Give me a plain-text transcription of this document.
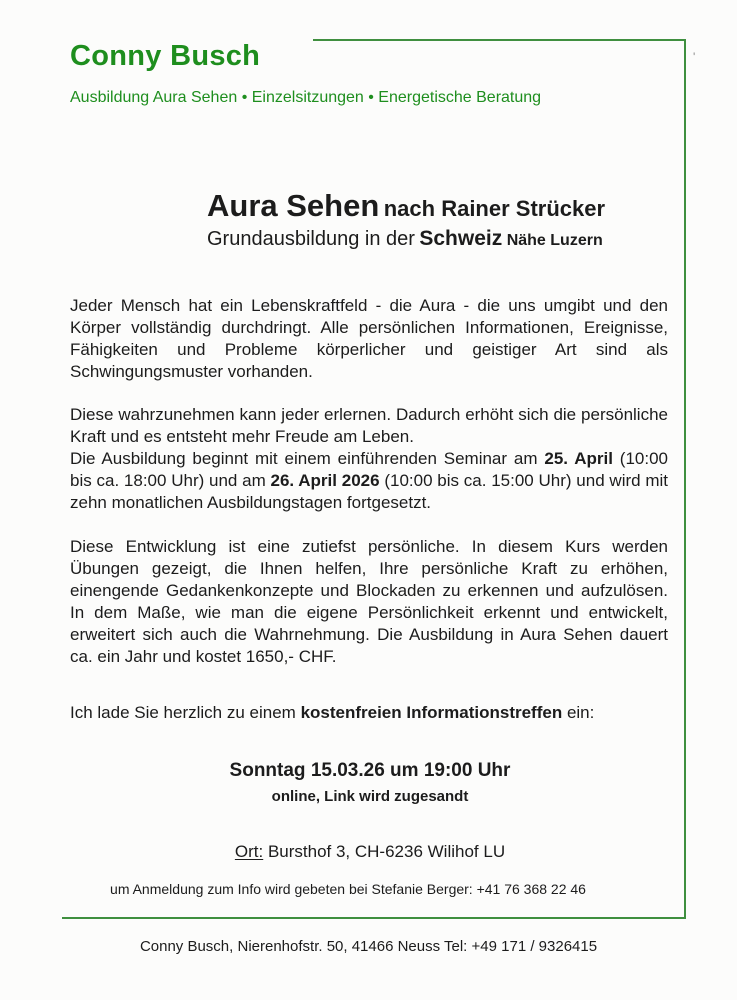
'
Conny Busch
Ausbildung Aura Sehen • Einzelsitzungen • Energetische Beratung
Aura Sehen nach Rainer Strücker
Grundausbildung in der Schweiz Nähe Luzern

Jeder Mensch hat ein Lebenskraftfeld - die Aura - die uns umgibt und den Körper vollständig durchdringt. Alle persönlichen Informationen, Ereignisse, Fähigkeiten und Probleme körperlicher und geistiger Art sind als Schwingungsmuster vorhanden.

Diese wahrzunehmen kann jeder erlernen. Dadurch erhöht sich die persönliche Kraft und es entsteht mehr Freude am Leben.
Die Ausbildung beginnt mit einem einführenden Seminar am 25. April (10:00 bis ca. 18:00 Uhr) und am 26. April 2026 (10:00 bis ca. 15:00 Uhr) und wird mit zehn monatlichen Ausbildungstagen fortgesetzt.

Diese Entwicklung ist eine zutiefst persönliche. In diesem Kurs werden Übungen gezeigt, die Ihnen helfen, Ihre persönliche Kraft zu erhöhen, einengende Gedankenkonzepte und Blockaden zu erkennen und aufzulösen. In dem Maße, wie man die eigene Persönlichkeit erkennt und entwickelt, erweitert sich auch die Wahrnehmung. Die Ausbildung in Aura Sehen dauert ca. ein Jahr und kostet 1650,- CHF.

Ich lade Sie herzlich zu einem kostenfreien Informationstreffen ein:

Sonntag 15.03.26 um 19:00 Uhr
online, Link wird zugesandt
Ort: Bursthof 3, CH-6236 Wilihof LU
um Anmeldung zum Info wird gebeten bei Stefanie Berger: +41 76 368 22 46
Conny Busch, Nierenhofstr. 50, 41466 Neuss Tel: +49 171 / 9326415
